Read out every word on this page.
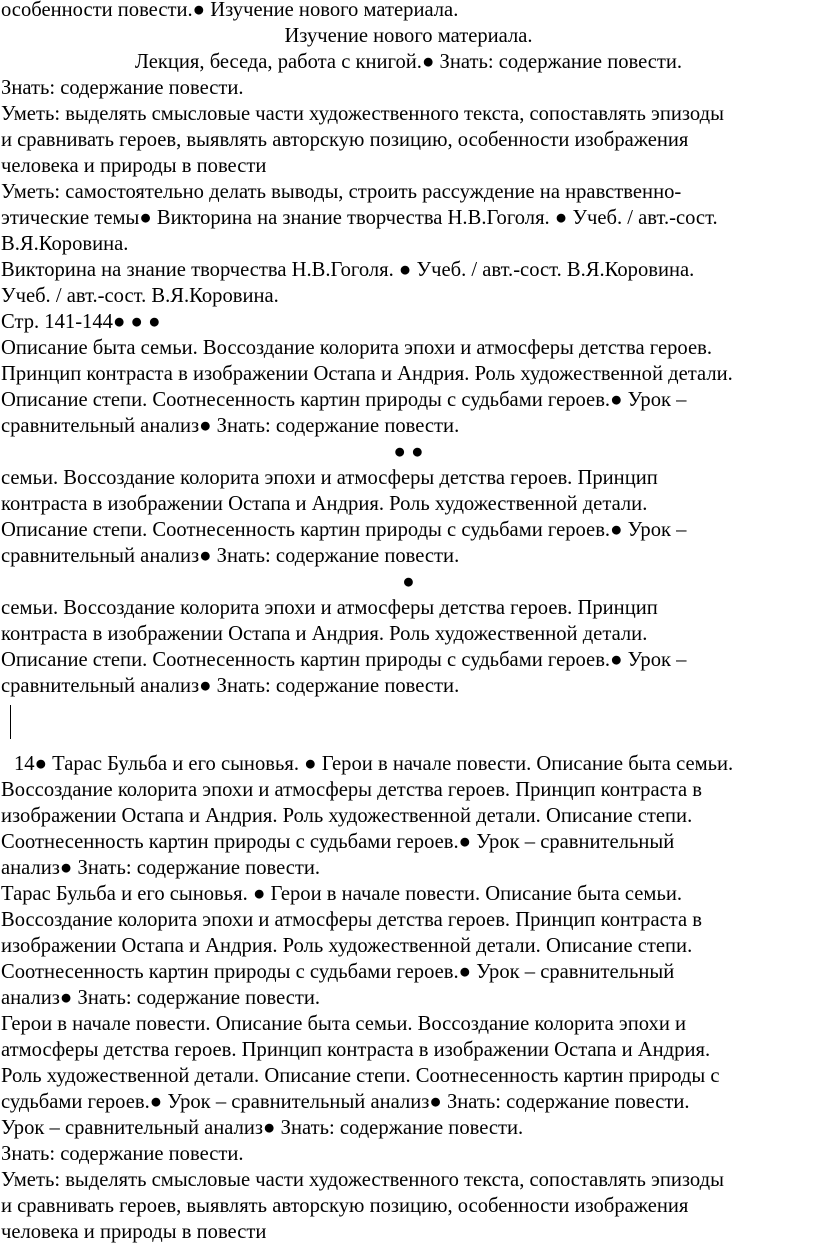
особенности повести.● Изучение нового материала.
Изучение нового материала.
Лекция, беседа, работа с книгой.● Знать: содержание повести.
Знать: содержание повести.
Уметь: выделять смысловые части художественного текста, сопоставлять эпизоды
и сравнивать героев, выявлять авторскую позицию, особенности изображения
человека и природы в повести
Уметь: самостоятельно делать выводы, строить рассуждение на нравственно-
этические темы● Викторина на знание творчества Н.В.Гоголя. ● Учеб. / авт.-сост.
В.Я.Коровина.
Викторина на знание творчества Н.В.Гоголя. ● Учеб. / авт.-сост. В.Я.Коровина.
Учеб. / авт.-сост. В.Я.Коровина.
Стр. 141-144● ● ●
Описание быта семьи. Воссоздание колорита эпохи и атмосферы детства героев.
Принцип контраста в изображении Остапа и Андрия. Роль художественной детали.
Описание степи. Соотнесенность картин природы с судьбами героев.● Урок –
сравнительный анализ● Знать: содержание повести.
● ●
семьи. Воссоздание колорита эпохи и атмосферы детства героев. Принцип
контраста в изображении Остапа и Андрия. Роль художественной детали.
Описание степи. Соотнесенность картин природы с судьбами героев.● Урок –
сравнительный анализ● Знать: содержание повести.
●
семьи. Воссоздание колорита эпохи и атмосферы детства героев. Принцип
контраста в изображении Остапа и Андрия. Роль художественной детали.
Описание степи. Соотнесенность картин природы с судьбами героев.● Урок –
сравнительный анализ● Знать: содержание повести.
14● Тарас Бульба и его сыновья. ● Герои в начале повести. Описание быта семьи.
Воссоздание колорита эпохи и атмосферы детства героев. Принцип контраста в
изображении Остапа и Андрия. Роль художественной детали. Описание степи.
Соотнесенность картин природы с судьбами героев.● Урок – сравнительный
анализ● Знать: содержание повести.
Тарас Бульба и его сыновья. ● Герои в начале повести. Описание быта семьи.
Воссоздание колорита эпохи и атмосферы детства героев. Принцип контраста в
изображении Остапа и Андрия. Роль художественной детали. Описание степи.
Соотнесенность картин природы с судьбами героев.● Урок – сравнительный
анализ● Знать: содержание повести.
Герои в начале повести. Описание быта семьи. Воссоздание колорита эпохи и
атмосферы детства героев. Принцип контраста в изображении Остапа и Андрия.
Роль художественной детали. Описание степи. Соотнесенность картин природы с
судьбами героев.● Урок – сравнительный анализ● Знать: содержание повести.
Урок – сравнительный анализ● Знать: содержание повести.
Знать: содержание повести.
Уметь: выделять смысловые части художественного текста, сопоставлять эпизоды
и сравнивать героев, выявлять авторскую позицию, особенности изображения
человека и природы в повести
